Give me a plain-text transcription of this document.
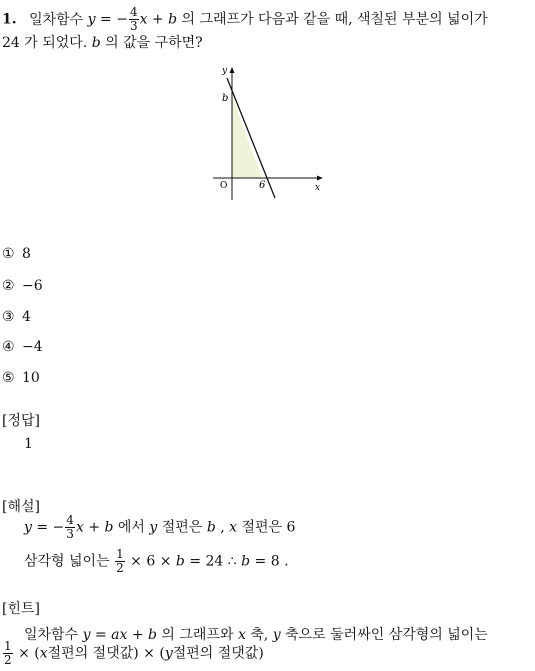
1. 일차함수 y = − $\frac{4}{3}$ x + b 의 그래프가 다음과 같을 때, 색칠된 부분의 넓이가
24 가 되었다. b 의 값을 구하면?
y
x
O
b
6
① 8
② −6
③ 4
④ −4
⑤ 10
[정답]
1
[해설]
y = − $\frac{4}{3}$ x + b 에서 y 절편은 b , x 절편은 6
삼각형 넓이는 $\frac{1}{2} \times 6 \times b = 24$ ∴ b = 8 .
[힌트]
일차함수 y = ax + b 의 그래프와 x 축, y 축으로 둘러싸인 삼각형의 넓이는
$\frac{1}{2} \times (x$절편의 절댓값) × (y절편의 절댓값)
